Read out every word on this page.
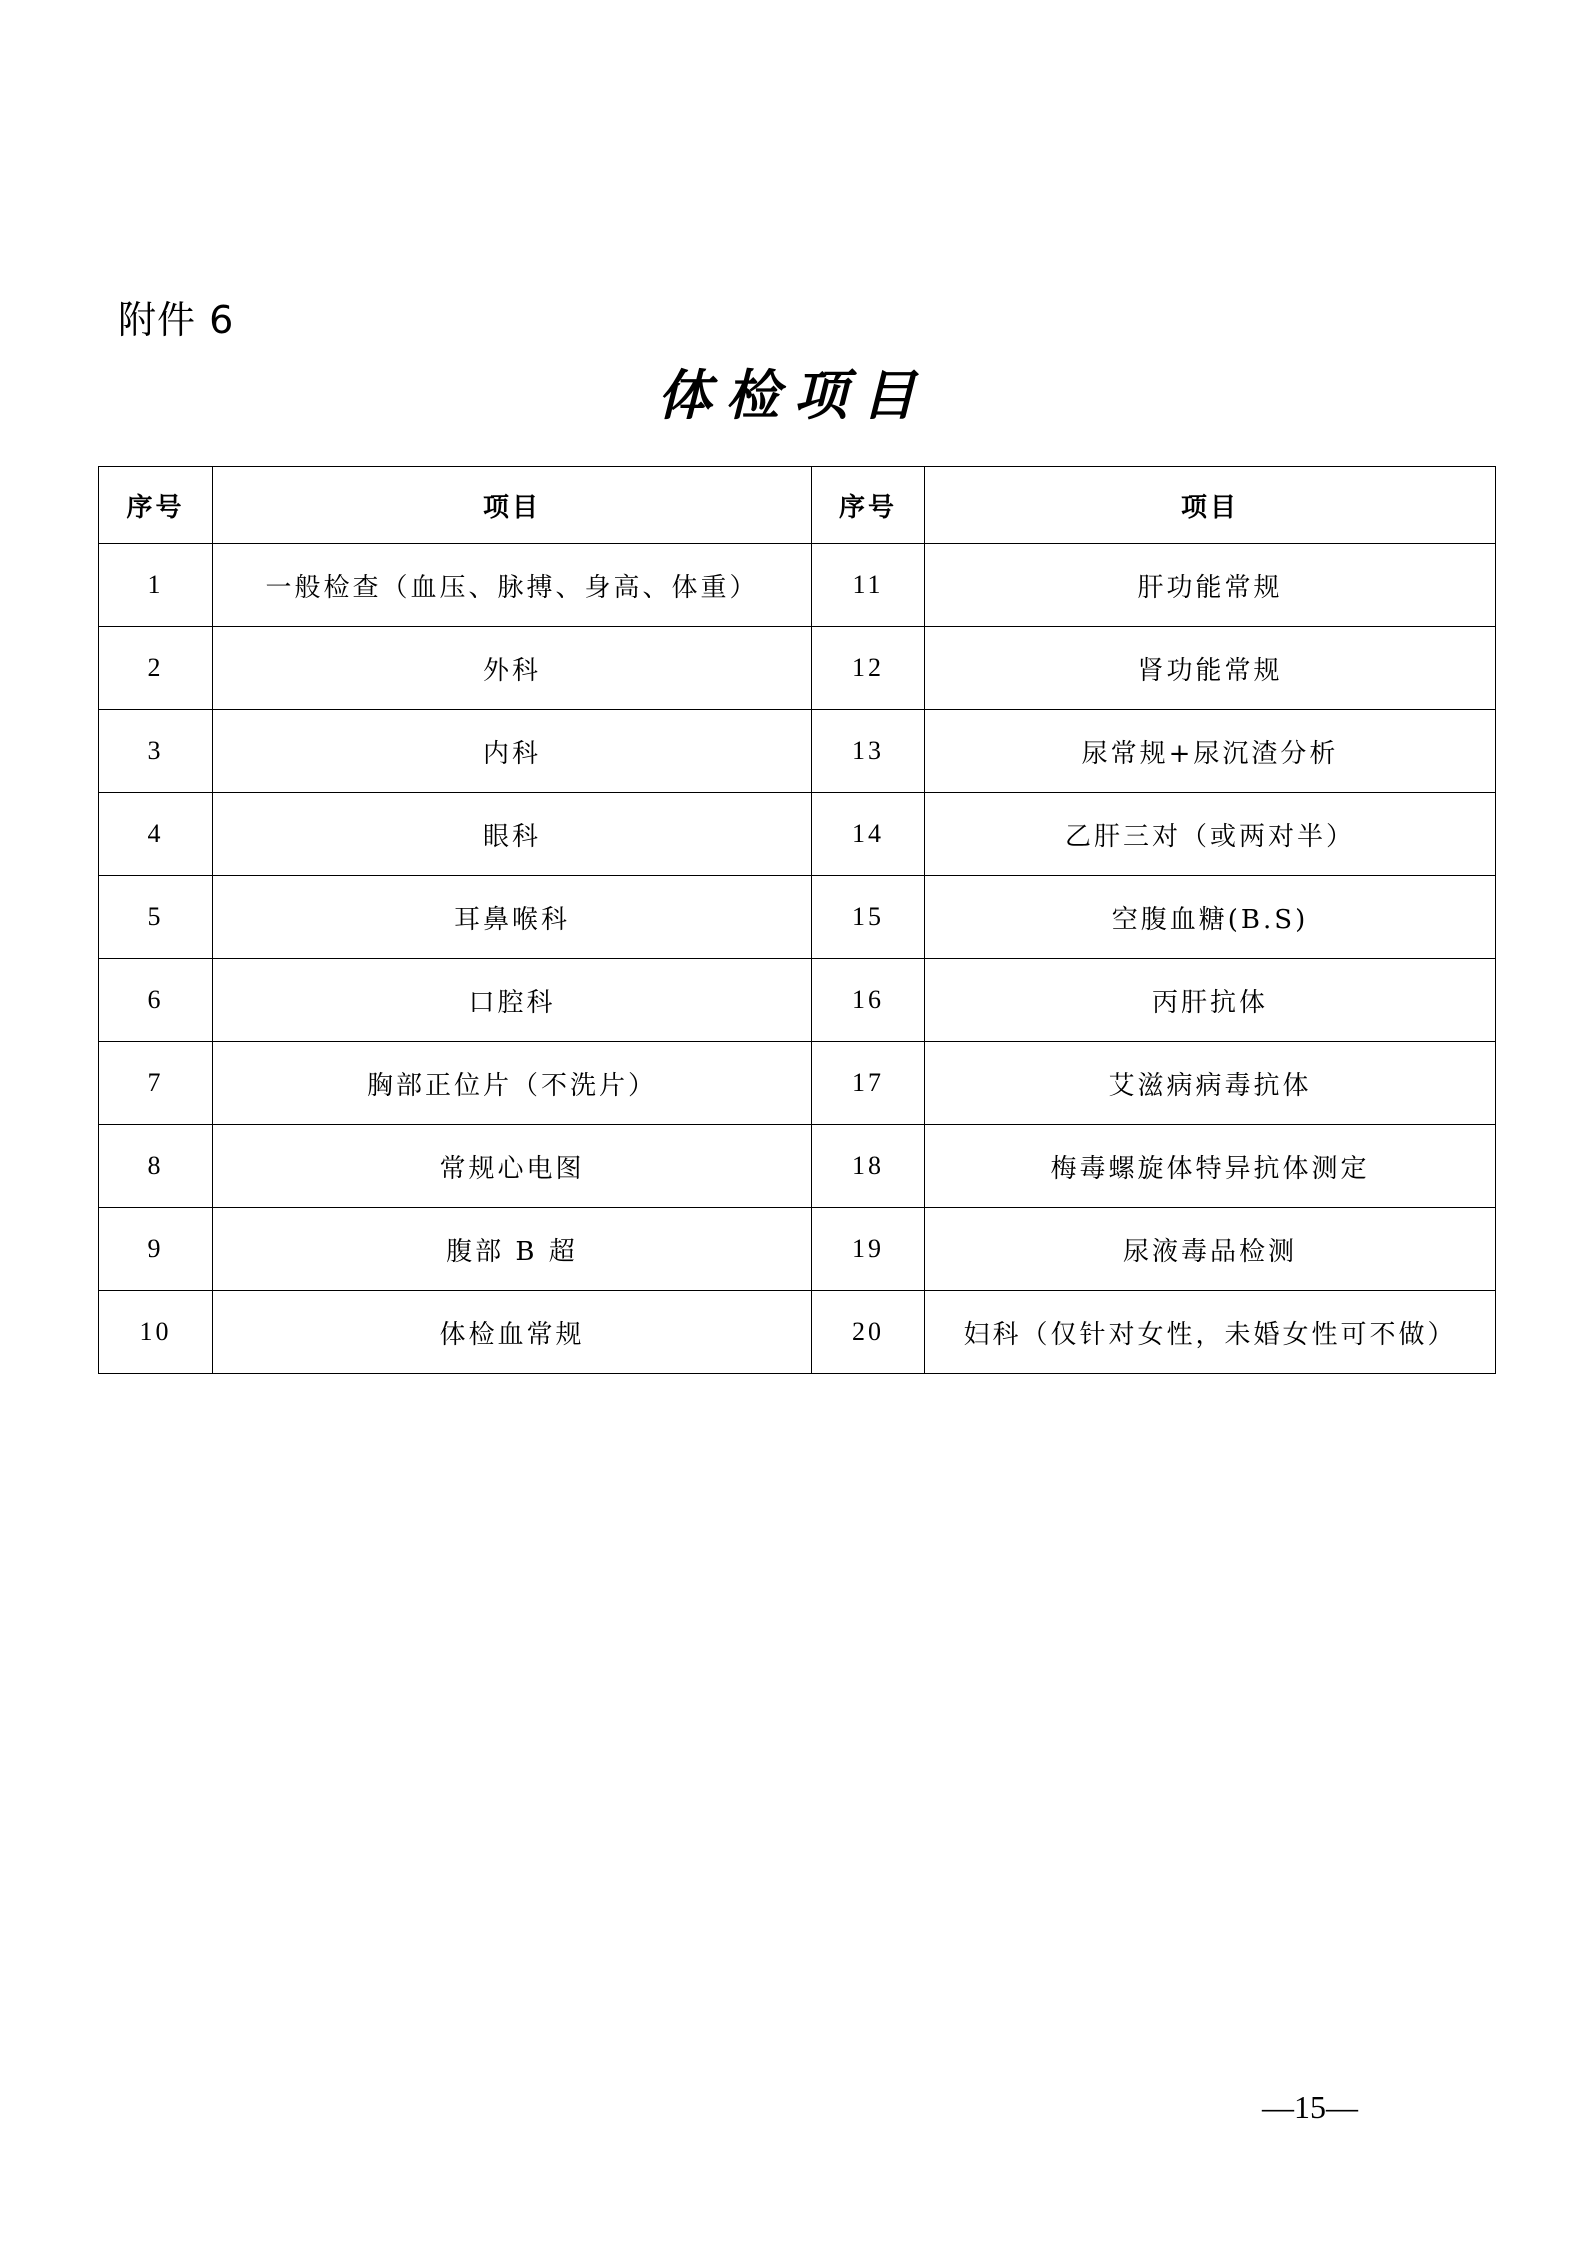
附件 6
体检项目
序号	项目	序号	项目
1	一般检查（血压、脉搏、身高、体重）	11	肝功能常规
2	外科	12	肾功能常规
3	内科	13	尿常规+尿沉渣分析
4	眼科	14	乙肝三对（或两对半）
5	耳鼻喉科	15	空腹血糖(B.S)
6	口腔科	16	丙肝抗体
7	胸部正位片（不洗片）	17	艾滋病病毒抗体
8	常规心电图	18	梅毒螺旋体特异抗体测定
9	腹部 B 超	19	尿液毒品检测
10	体检血常规	20	妇科（仅针对女性，未婚女性可不做）
—15—
